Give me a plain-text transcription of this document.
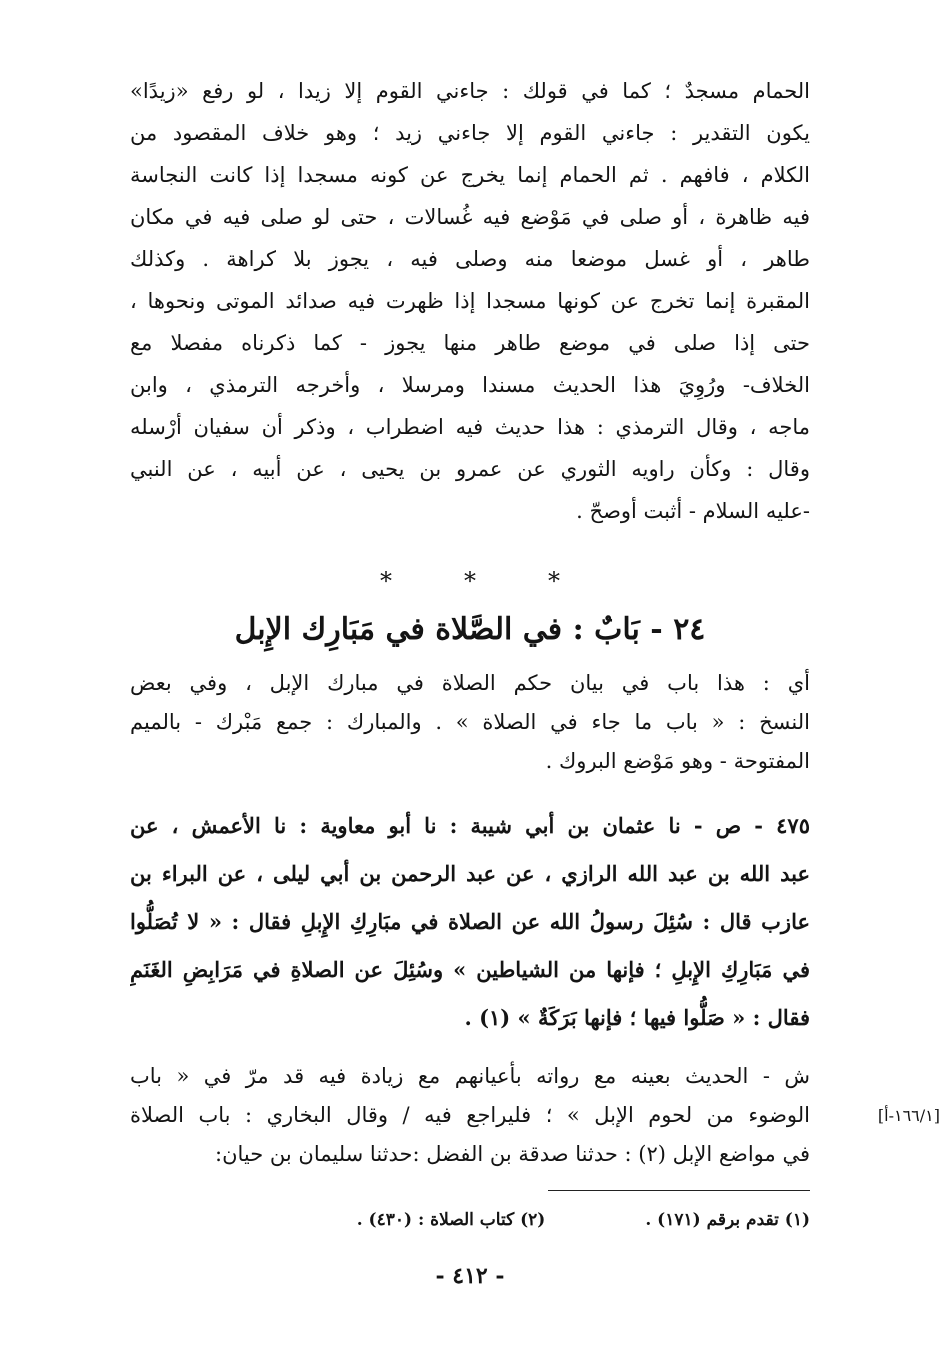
الحمام مسجدٌ ؛ كما في قولك : جاءني القوم إلا زيدا ، لو رفع «زيدًا»
يكون التقدير : جاءني القوم إلا جاءني زيد ؛ وهو خلاف المقصود من
الكلام ، فافهم . ثم الحمام إنما يخرج عن كونه مسجدا إذا كانت النجاسة
فيه ظاهرة ، أو صلى في مَوْضع فيه غُسالات ، حتى لو صلى فيه في مكان
طاهر ، أو غسل موضعا منه وصلى فيه ، يجوز بلا كراهة . وكذلك
المقبرة إنما تخرج عن كونها مسجدا إذا ظهرت فيه صدائد الموتى ونحوها ،
حتى إذا صلى في موضع طاهر منها يجوز - كما ذكرناه مفصلا مع
الخلاف- ورُوِيَ هذا الحديث مسندا ومرسلا ، وأخرجه الترمذي ، وابن
ماجه ، وقال الترمذي : هذا حديث فيه اضطراب ، وذكر أن سفيان أرْسله
وقال : وكأن راويه الثوري عن عمرو بن يحيى ، عن أبيه ، عن النبي
-عليه السلام - أثبت أوصحّ .
*	*	*
٢٤ - بَابٌ : في الصَّلاة في مَبَارِك الإِبل
أي : هذا باب في بيان حكم الصلاة في مبارك الإبل ، وفي بعض
النسخ : « باب ما جاء في الصلاة » . والمبارك : جمع مَبْرك - بالميم
المفتوحة - وهو مَوْضع البروك .
٤٧٥ - ص - نا عثمان بن أبي شيبة : نا أبو معاوية : نا الأعمش ، عن
عبد الله بن عبد الله الرازي ، عن عبد الرحمن بن أبي ليلى ، عن البراء بن
عازب قال : سُئِلَ رسولُ الله عن الصلاة في مبَارِكِ الإِبلِ فقال : « لا تُصَلُّوا
في مَبَارِكِ الإِبلِ ؛ فإنها من الشياطين » وسُئِلَ عن الصلاةِ في مَرَابِضِ الغَنَمِ
فقال : « صَلُّوا فيها ؛ فإنها بَرَكَةٌ » (١) .
ش - الحديث بعينه مع رواته بأعيانهم مع زيادة فيه قد مرّ في « باب
الوضوء من لحوم الإبل » ؛ فليراجع فيه / وقال البخاري : باب الصلاة
في مواضع الإبل (٢) : حدثنا صدقة بن الفضل :حدثنا سليمان بن حيان:
[١٦٦/١-أ]
(١) تقدم برقم (١٧١) .
(٢) كتاب الصلاة : (٤٣٠) .
- ٤١٢ -
